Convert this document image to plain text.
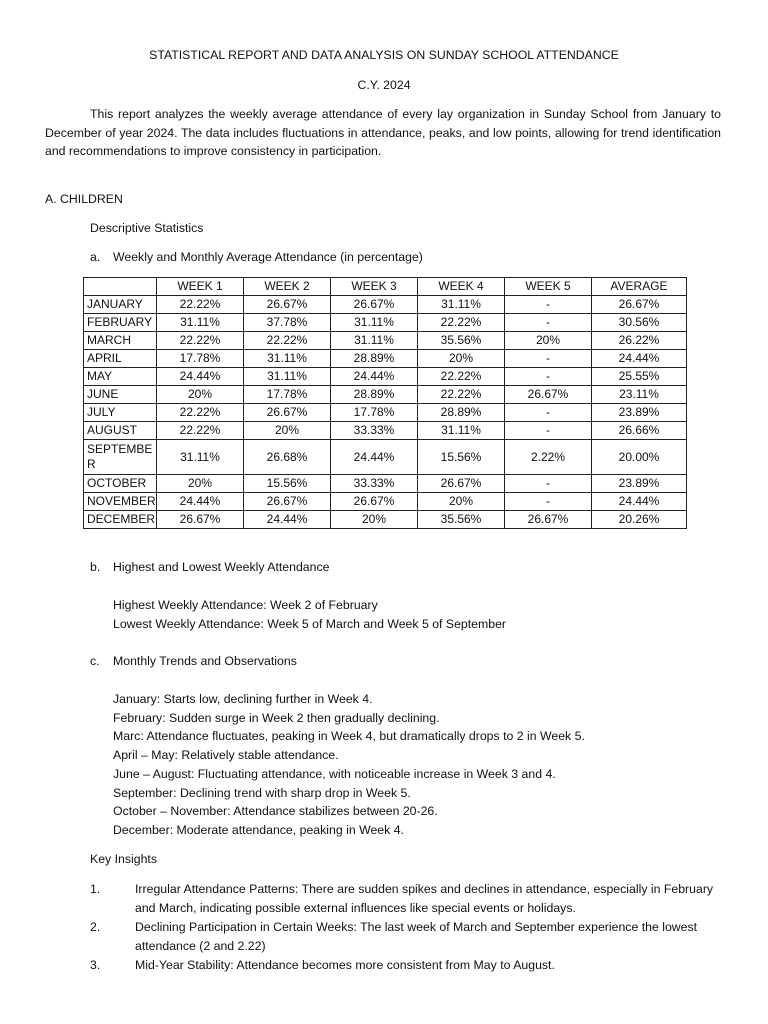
STATISTICAL REPORT AND DATA ANALYSIS ON SUNDAY SCHOOL ATTENDANCE
C.Y. 2024

This report analyzes the weekly average attendance of every lay organization in Sunday School from January to December of year 2024. The data includes fluctuations in attendance, peaks, and low points, allowing for trend identification and recommendations to improve consistency in participation.

A. CHILDREN
Descriptive Statistics
a. Weekly and Monthly Average Attendance (in percentage)
	WEEK 1	WEEK 2	WEEK 3	WEEK 4	WEEK 5	AVERAGE
JANUARY	22.22%	26.67%	26.67%	31.11%	-	26.67%
FEBRUARY	31.11%	37.78%	31.11%	22.22%	-	30.56%
MARCH	22.22%	22.22%	31.11%	35.56%	20%	26.22%
APRIL	17.78%	31.11%	28.89%	20%	-	24.44%
MAY	24.44%	31.11%	24.44%	22.22%	-	25.55%
JUNE	20%	17.78%	28.89%	22.22%	26.67%	23.11%
JULY	22.22%	26.67%	17.78%	28.89%	-	23.89%
AUGUST	22.22%	20%	33.33%	31.11%	-	26.66%
SEPTEMBER	31.11%	26.68%	24.44%	15.56%	2.22%	20.00%
OCTOBER	20%	15.56%	33.33%	26.67%	-	23.89%
NOVEMBER	24.44%	26.67%	26.67%	20%	-	24.44%
DECEMBER	26.67%	24.44%	20%	35.56%	26.67%	20.26%
b. Highest and Lowest Weekly Attendance
Highest Weekly Attendance: Week 2 of February
Lowest Weekly Attendance: Week 5 of March and Week 5 of September
c. Monthly Trends and Observations
January: Starts low, declining further in Week 4.
February: Sudden surge in Week 2 then gradually declining.
Marc: Attendance fluctuates, peaking in Week 4, but dramatically drops to 2 in Week 5.
April – May: Relatively stable attendance.
June – August: Fluctuating attendance, with noticeable increase in Week 3 and 4.
September: Declining trend with sharp drop in Week 5.
October – November: Attendance stabilizes between 20-26.
December: Moderate attendance, peaking in Week 4.
Key Insights
1.	Irregular Attendance Patterns: There are sudden spikes and declines in attendance, especially in February and March, indicating possible external influences like special events or holidays.
2.	Declining Participation in Certain Weeks: The last week of March and September experience the lowest attendance (2 and 2.22)
3.	Mid-Year Stability: Attendance becomes more consistent from May to August.
